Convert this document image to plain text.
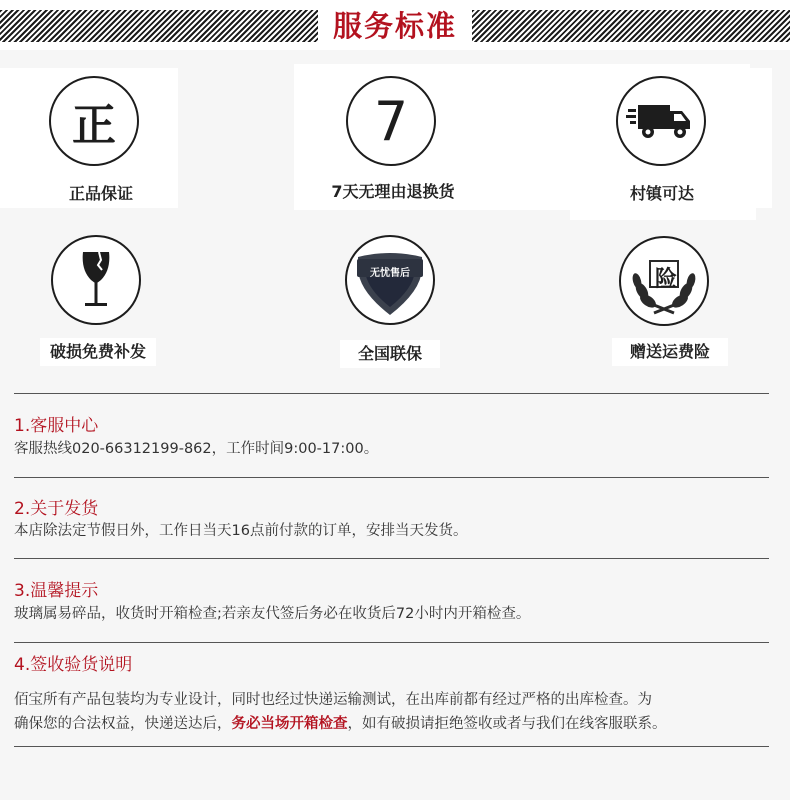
服务标准
正
正品保证
7
7天无理由退换货	村镇可达
破损免费补发
无忧售后
全国联保
险
赠送运费险
1.客服中心
客服热线020-66312199-862，工作时间9:00-17:00。
2.关于发货
本店除法定节假日外，工作日当天16点前付款的订单，安排当天发货。
3.温馨提示
玻璃属易碎品，收货时开箱检查;若亲友代签后务必在收货后72小时内开箱检查。
4.签收验货说明
佰宝所有产品包装均为专业设计，同时也经过快递运输测试，在出库前都有经过严格的出库检查。为
确保您的合法权益，快递送达后，务必当场开箱检查，如有破损请拒绝签收或者与我们在线客服联系。
